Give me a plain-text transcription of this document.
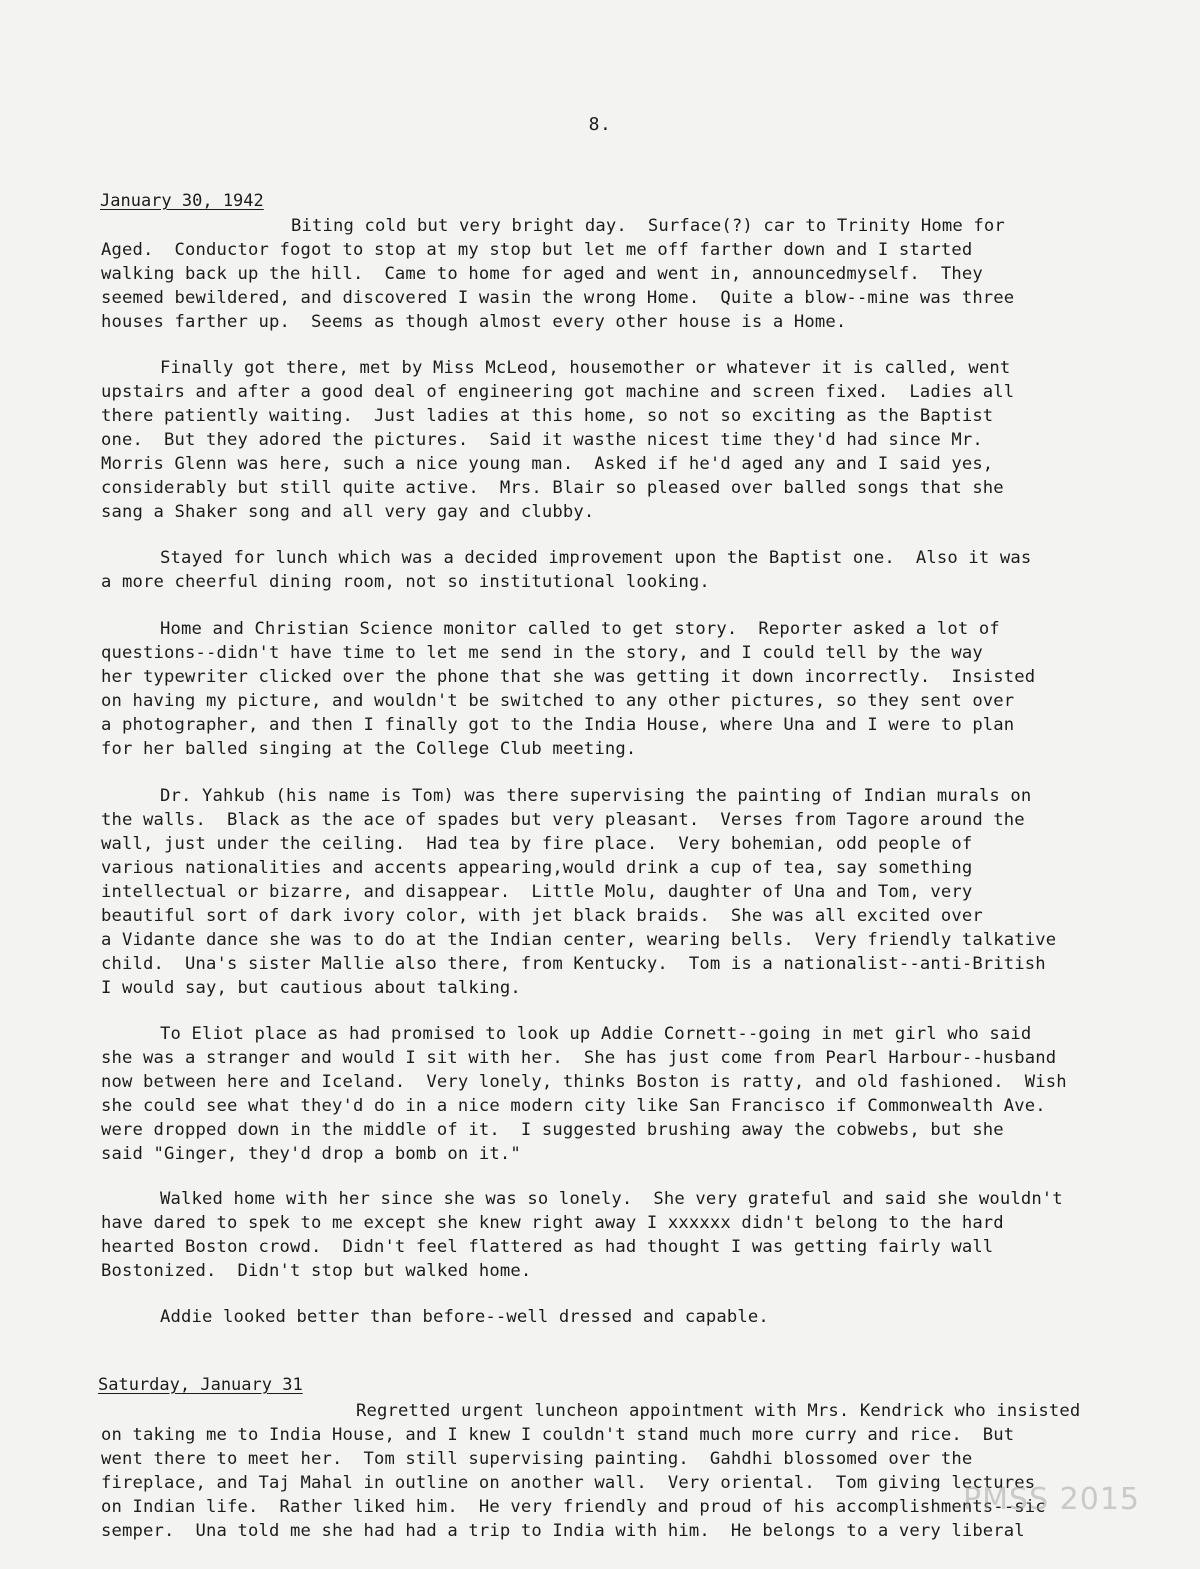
8.
January 30, 1942
Biting cold but very bright day.  Surface(?) car to Trinity Home for
Aged.  Conductor fogot to stop at my stop but let me off farther down and I started
walking back up the hill.  Came to home for aged and went in, announcedmyself.  They
seemed bewildered, and discovered I wasin the wrong Home.  Quite a blow--mine was three
houses farther up.  Seems as though almost every other house is a Home.
Finally got there, met by Miss McLeod, housemother or whatever it is called, went
upstairs and after a good deal of engineering got machine and screen fixed.  Ladies all
there patiently waiting.  Just ladies at this home, so not so exciting as the Baptist
one.  But they adored the pictures.  Said it wasthe nicest time they'd had since Mr.
Morris Glenn was here, such a nice young man.  Asked if he'd aged any and I said yes,
considerably but still quite active.  Mrs. Blair so pleased over balled songs that she
sang a Shaker song and all very gay and clubby.
Stayed for lunch which was a decided improvement upon the Baptist one.  Also it was
a more cheerful dining room, not so institutional looking.
Home and Christian Science monitor called to get story.  Reporter asked a lot of
questions--didn't have time to let me send in the story, and I could tell by the way
her typewriter clicked over the phone that she was getting it down incorrectly.  Insisted
on having my picture, and wouldn't be switched to any other pictures, so they sent over
a photographer, and then I finally got to the India House, where Una and I were to plan
for her balled singing at the College Club meeting.
Dr. Yahkub (his name is Tom) was there supervising the painting of Indian murals on
the walls.  Black as the ace of spades but very pleasant.  Verses from Tagore around the
wall, just under the ceiling.  Had tea by fire place.  Very bohemian, odd people of
various nationalities and accents appearing,would drink a cup of tea, say something
intellectual or bizarre, and disappear.  Little Molu, daughter of Una and Tom, very
beautiful sort of dark ivory color, with jet black braids.  She was all excited over
a Vidante dance she was to do at the Indian center, wearing bells.  Very friendly talkative
child.  Una's sister Mallie also there, from Kentucky.  Tom is a nationalist--anti-British
I would say, but cautious about talking.
To Eliot place as had promised to look up Addie Cornett--going in met girl who said
she was a stranger and would I sit with her.  She has just come from Pearl Harbour--husband
now between here and Iceland.  Very lonely, thinks Boston is ratty, and old fashioned.  Wish
she could see what they'd do in a nice modern city like San Francisco if Commonwealth Ave.
were dropped down in the middle of it.  I suggested brushing away the cobwebs, but she
said "Ginger, they'd drop a bomb on it."
Walked home with her since she was so lonely.  She very grateful and said she wouldn't
have dared to spek to me except she knew right away I xxxxxx didn't belong to the hard
hearted Boston crowd.  Didn't feel flattered as had thought I was getting fairly wall
Bostonized.  Didn't stop but walked home.
Addie looked better than before--well dressed and capable.
Saturday, January 31
Regretted urgent luncheon appointment with Mrs. Kendrick who insisted
on taking me to India House, and I knew I couldn't stand much more curry and rice.  But
went there to meet her.  Tom still supervising painting.  Gahdhi blossomed over the
fireplace, and Taj Mahal in outline on another wall.  Very oriental.  Tom giving lectures
on Indian life.  Rather liked him.  He very friendly and proud of his accomplishments--sic
semper.  Una told me she had had a trip to India with him.  He belongs to a very liberal
PMSS 2015
